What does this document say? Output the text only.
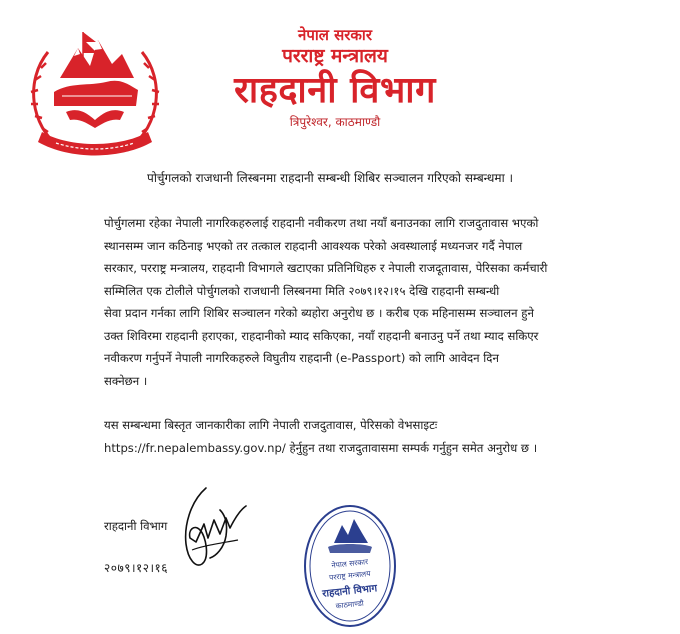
नेपाल सरकार
परराष्ट्र मन्त्रालय
राहदानी विभाग
त्रिपुरेश्वर, काठमाण्डौ
पोर्चुगलको राजधानी लिस्बनमा राहदानी सम्बन्धी शिबिर सञ्चालन गरिएको सम्बन्धमा ।
पोर्चुगलमा रहेका नेपाली नागरिकहरुलाई राहदानी नवीकरण तथा नयाँ बनाउनका लागि राजदुतावास भएको
स्थानसम्म जान कठिनाइ भएको तर तत्काल राहदानी आवश्यक परेको अवस्थालाई मध्यनजर गर्दै नेपाल
सरकार, परराष्ट्र मन्त्रालय, राहदानी विभागले खटाएका प्रतिनिधिहरु र नेपाली राजदूतावास, पेरिसका कर्मचारी
सम्मिलित एक टोलीले पोर्चुगलको राजधानी लिस्बनमा मिति २०७९।१२।१५ देखि राहदानी सम्बन्धी
सेवा प्रदान गर्नका लागि शिबिर सञ्चालन गरेको ब्यहोरा अनुरोध छ । करीब एक महिनासम्म सञ्चालन हुने
उक्त शिविरमा राहदानी हराएका, राहदानीको म्याद सकिएका, नयाँ राहदानी बनाउनु पर्ने तथा म्याद सकिएर
नवीकरण गर्नुपर्ने नेपाली नागरिकहरुले विघुतीय राहदानी (e-Passport) को लागि आवेदन दिन
सक्नेछन ।
यस सम्बन्धमा बिस्तृत जानकारीका लागि नेपाली राजदुतावास, पेरिसको वेभसाइटः
https://fr.nepalembassy.gov.np/ हेर्नुहुन तथा राजदुतावासमा सम्पर्क गर्नुहुन समेत अनुरोध छ ।
राहदानी विभाग
२०७९।१२।१६	नेपाल सरकार
परराष्ट्र मन्त्रालय
राहदानी विभाग
काठमाण्डौ
